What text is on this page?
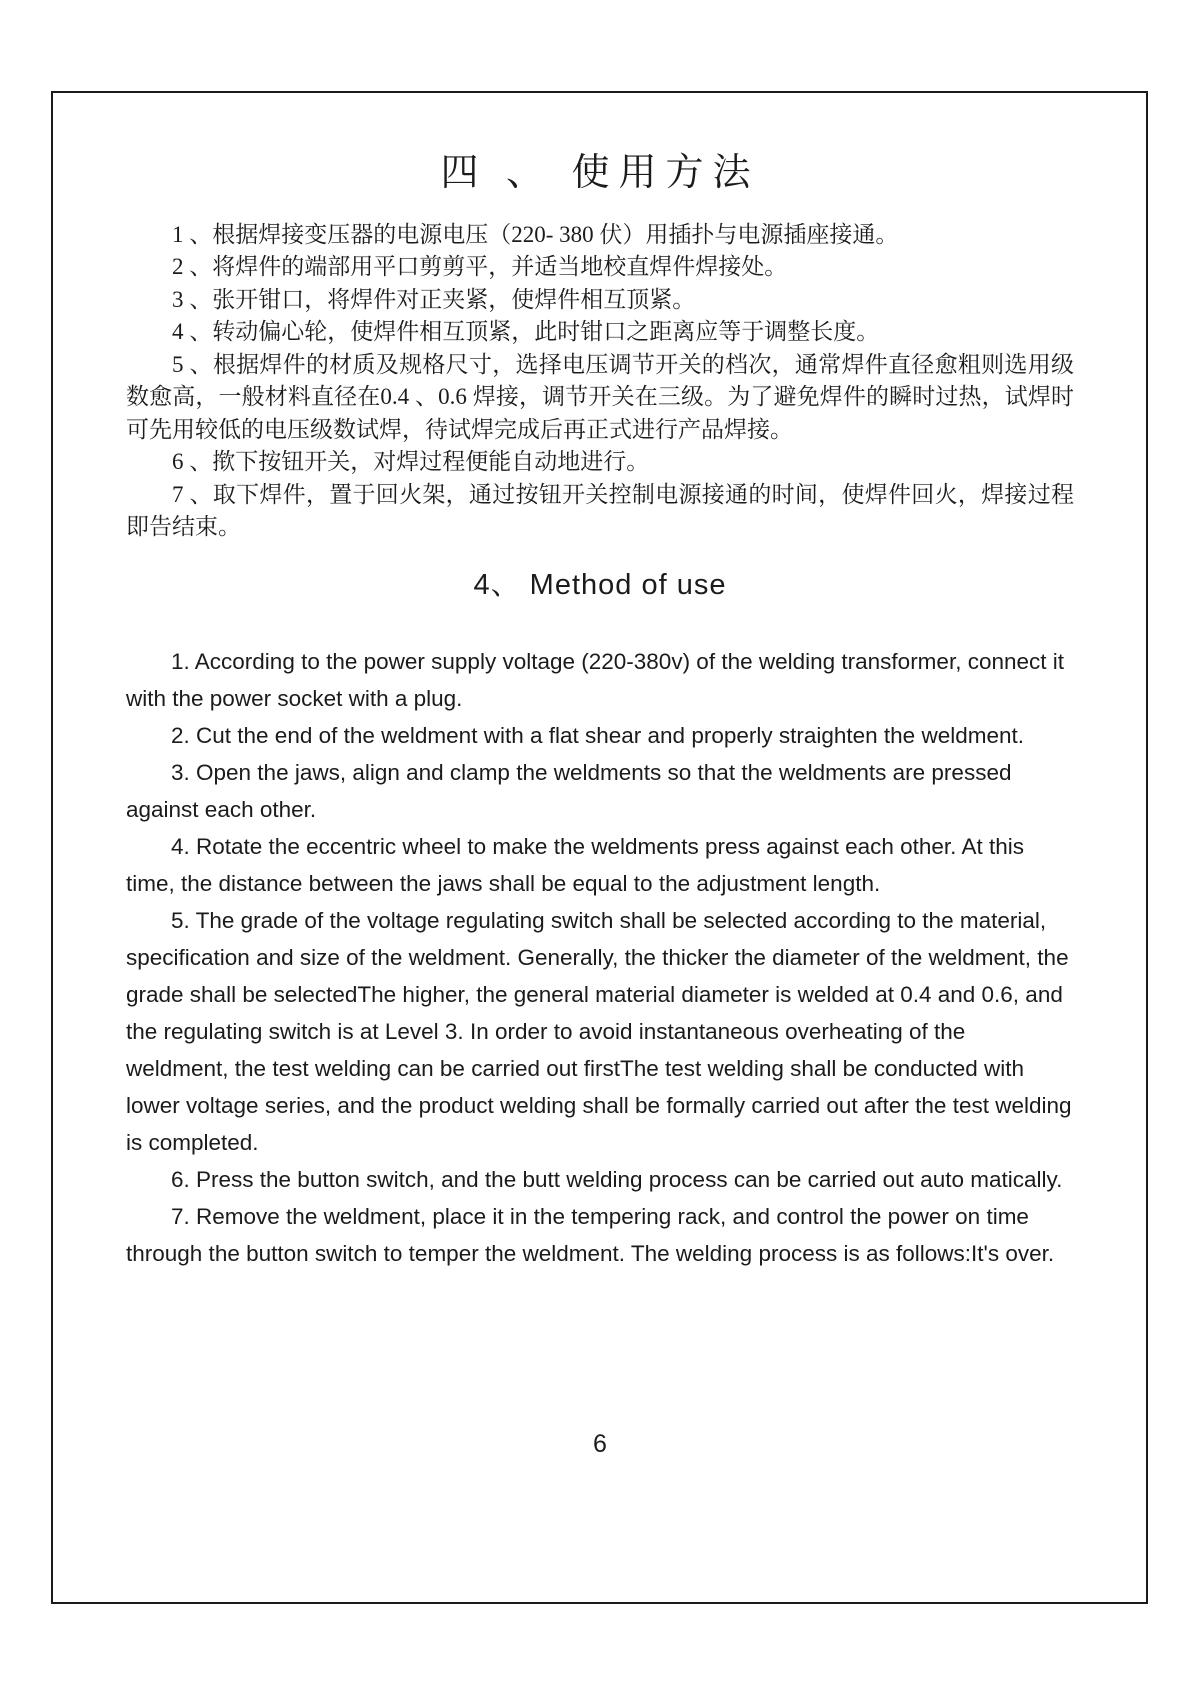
四 、 使用方法

1 、根据焊接变压器的电源电压（220- 380 伏）用插扑与电源插座接通。

2 、将焊件的端部用平口剪剪平，并适当地校直焊件焊接处。

3 、张开钳口，将焊件对正夹紧，使焊件相互顶紧。

4 、转动偏心轮，使焊件相互顶紧，此时钳口之距离应等于调整长度。

5 、根据焊件的材质及规格尺寸，选择电压调节开关的档次，通常焊件直径愈粗则选用级数愈高，一般材料直径在0.4 、0.6 焊接，调节开关在三级。为了避免焊件的瞬时过热，试焊时可先用较低的电压级数试焊，待试焊完成后再正式进行产品焊接。

6 、揿下按钮开关，对焊过程便能自动地进行。

7 、取下焊件，置于回火架，通过按钮开关控制电源接通的时间，使焊件回火，焊接过程即告结束。

4、 Method of use

1. According to the power supply voltage (220-380v) of the welding transformer, connect it with the power socket with a plug.

2. Cut the end of the weldment with a flat shear and properly straighten the weldment.

3. Open the jaws, align and clamp the weldments so that the weldments are pressed against each other.

4. Rotate the eccentric wheel to make the weldments press against each other. At this time, the distance between the jaws shall be equal to the adjustment length.

5. The grade of the voltage regulating switch shall be selected according to the material, specification and size of the weldment. Generally, the thicker the diameter of the weldment, the grade shall be selectedThe higher, the general material diameter is welded at 0.4 and 0.6, and the regulating switch is at Level 3. In order to avoid instantaneous overheating of the weldment, the test welding can be carried out firstThe test welding shall be conducted with lower voltage series, and the product welding shall be formally carried out after the test welding is completed.

6. Press the button switch, and the butt welding process can be carried out auto matically.

7. Remove the weldment, place it in the tempering rack, and control the power on time through the button switch to temper the weldment. The welding process is as follows:It's over.

6
